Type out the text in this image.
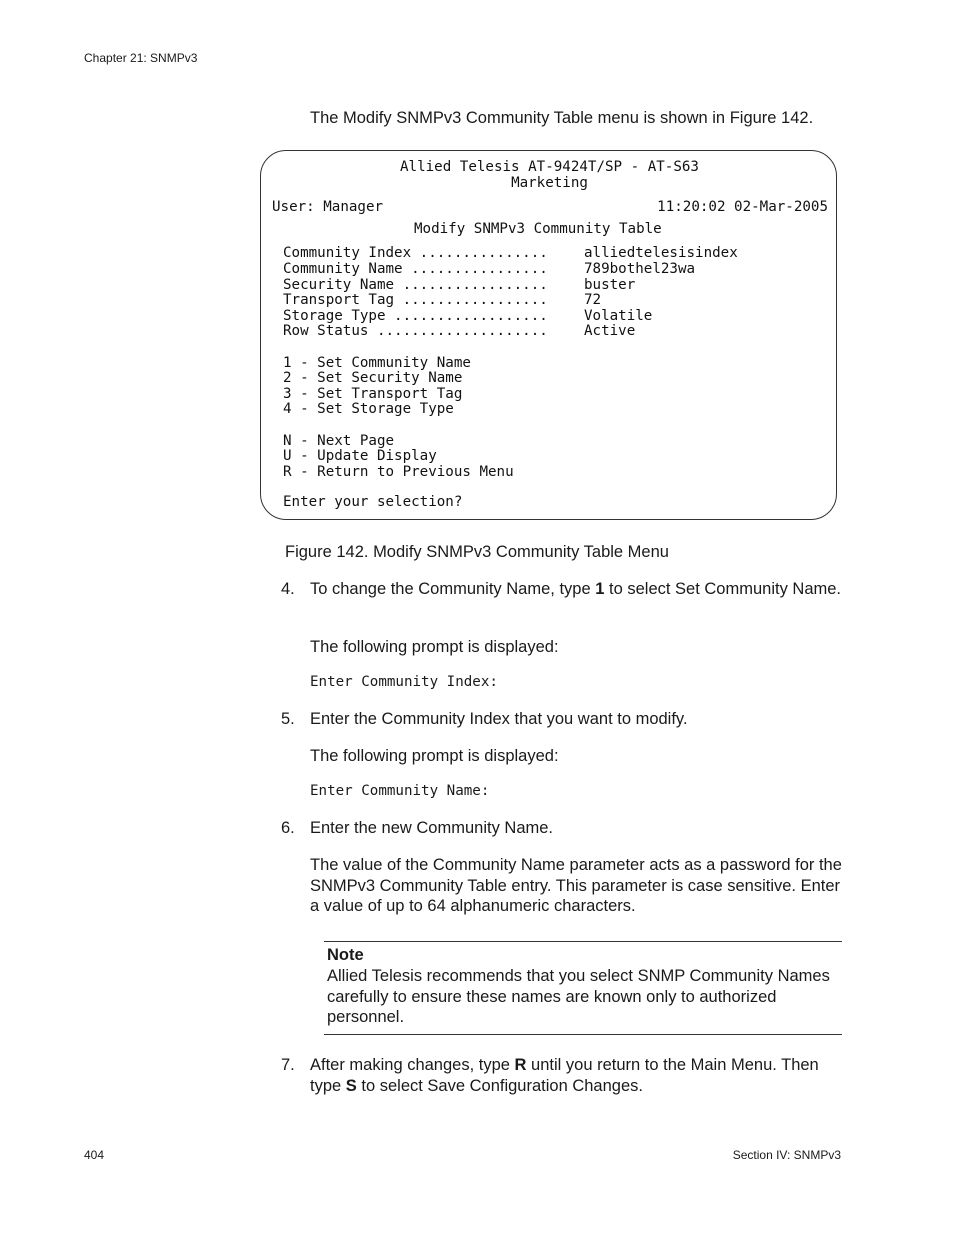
Chapter 21: SNMPv3
The Modify SNMPv3 Community Table menu is shown in Figure 142.
Allied Telesis AT-9424T/SP - AT-S63
Marketing
User: Manager	11:20:02 02-Mar-2005
Modify SNMPv3 Community Table
Community Index ...............	alliedtelesisindex
Community Name ................	789bothel23wa
Security Name .................	buster
Transport Tag .................	72
Storage Type ..................	Volatile
Row Status ....................	Active
1 - Set Community Name
2 - Set Security Name
3 - Set Transport Tag
4 - Set Storage Type
N - Next Page
U - Update Display
R - Return to Previous Menu
Enter your selection?
Figure 142. Modify SNMPv3 Community Table Menu
4. To change the Community Name, type 1 to select Set Community Name.
The following prompt is displayed:
Enter Community Index:
5. Enter the Community Index that you want to modify.
The following prompt is displayed:
Enter Community Name:
6. Enter the new Community Name.
The value of the Community Name parameter acts as a password for the SNMPv3 Community Table entry. This parameter is case sensitive. Enter a value of up to 64 alphanumeric characters.
Note
Allied Telesis recommends that you select SNMP Community Names carefully to ensure these names are known only to authorized personnel.
7. After making changes, type R until you return to the Main Menu. Then type S to select Save Configuration Changes.
404	Section IV: SNMPv3
